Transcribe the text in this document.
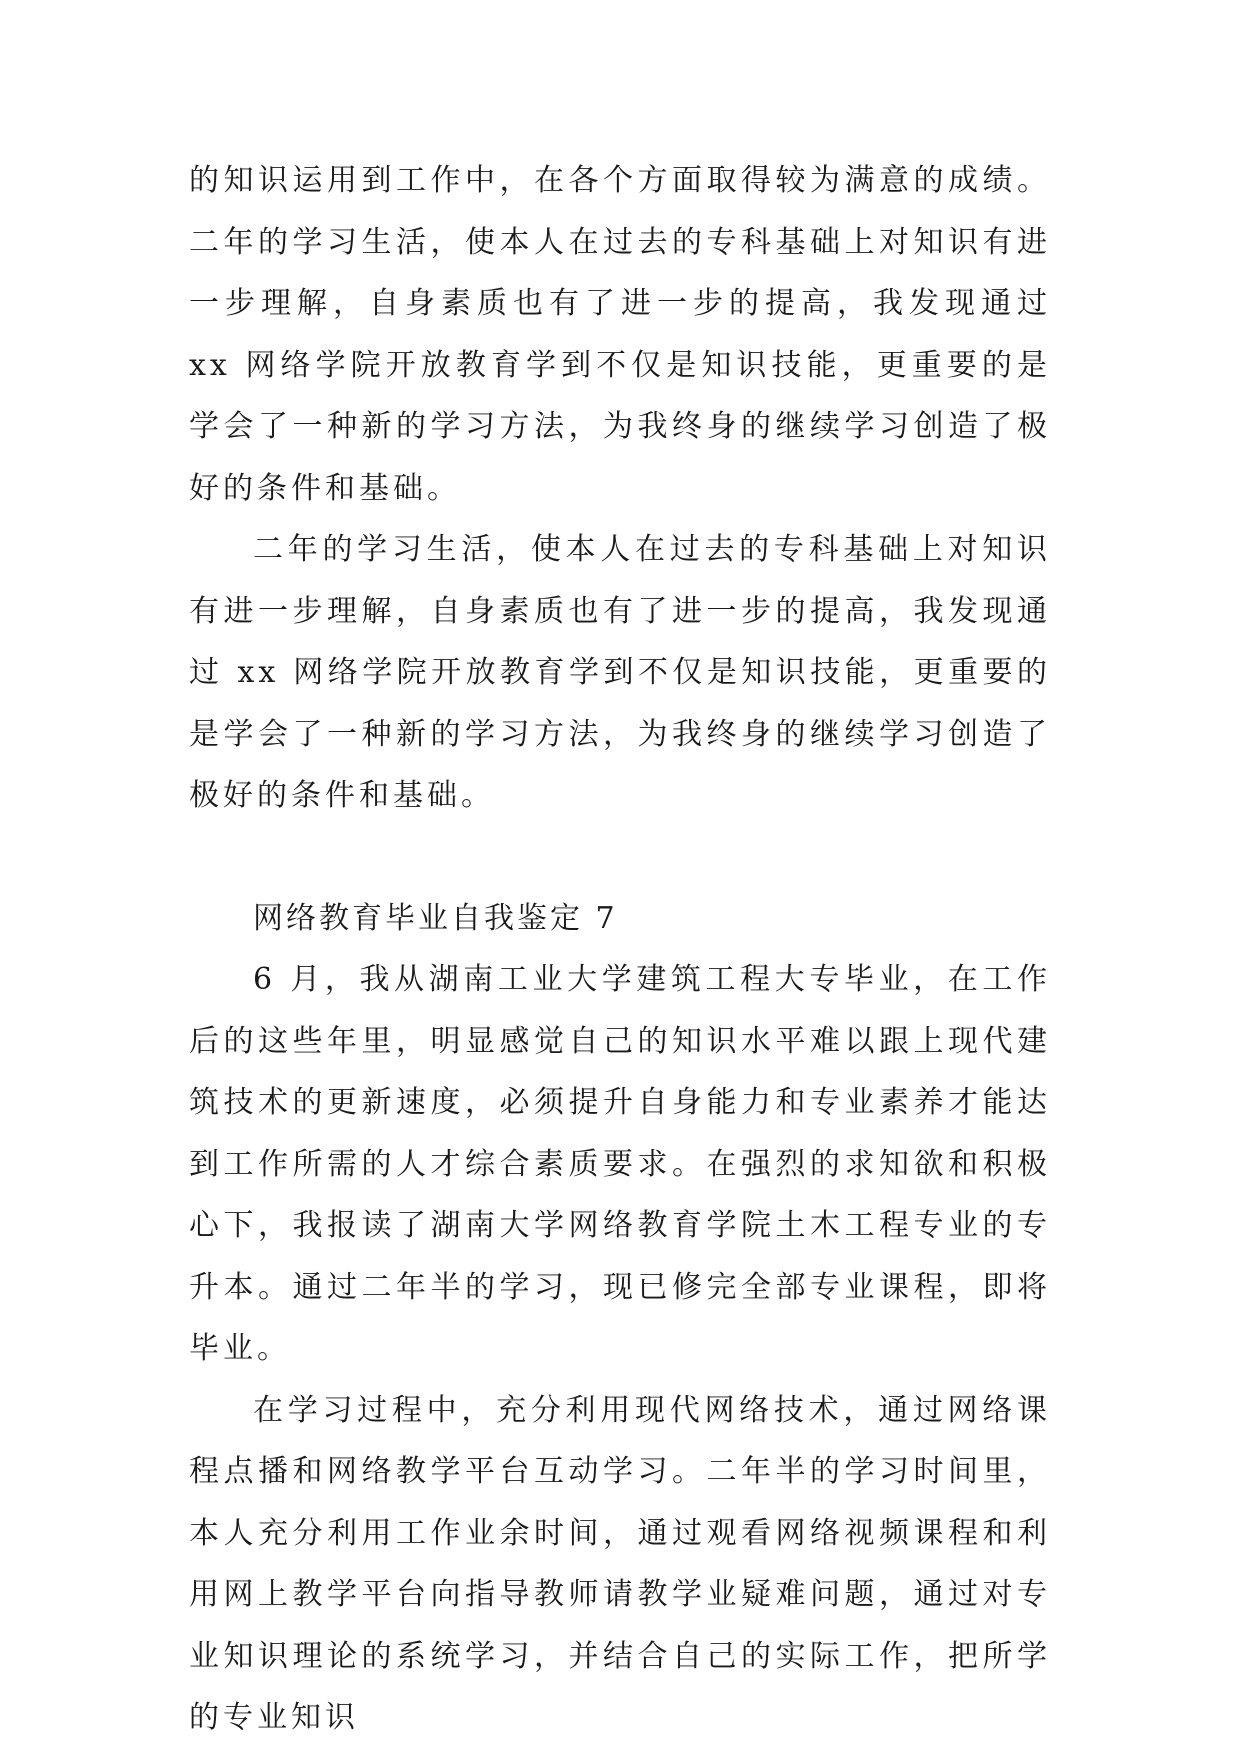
的知识运用到工作中，在各个方面取得较为满意的成绩。二年的学习生活，使本人在过去的专科基础上对知识有进一步理解，自身素质也有了进一步的提高，我发现通过 xx 网络学院开放教育学到不仅是知识技能，更重要的是学会了一种新的学习方法，为我终身的继续学习创造了极好的条件和基础。

二年的学习生活，使本人在过去的专科基础上对知识有进一步理解，自身素质也有了进一步的提高，我发现通过 xx 网络学院开放教育学到不仅是知识技能，更重要的是学会了一种新的学习方法，为我终身的继续学习创造了极好的条件和基础。

网络教育毕业自我鉴定 7

6 月，我从湖南工业大学建筑工程大专毕业，在工作后的这些年里，明显感觉自己的知识水平难以跟上现代建筑技术的更新速度，必须提升自身能力和专业素养才能达到工作所需的人才综合素质要求。在强烈的求知欲和积极心下，我报读了湖南大学网络教育学院土木工程专业的专升本。通过二年半的学习，现已修完全部专业课程，即将毕业。

在学习过程中，充分利用现代网络技术，通过网络课程点播和网络教学平台互动学习。二年半的学习时间里，本人充分利用工作业余时间，通过观看网络视频课程和利用网上教学平台向指导教师请教学业疑难问题，通过对专业知识理论的系统学习，并结合自己的实际工作，把所学的专业知识
